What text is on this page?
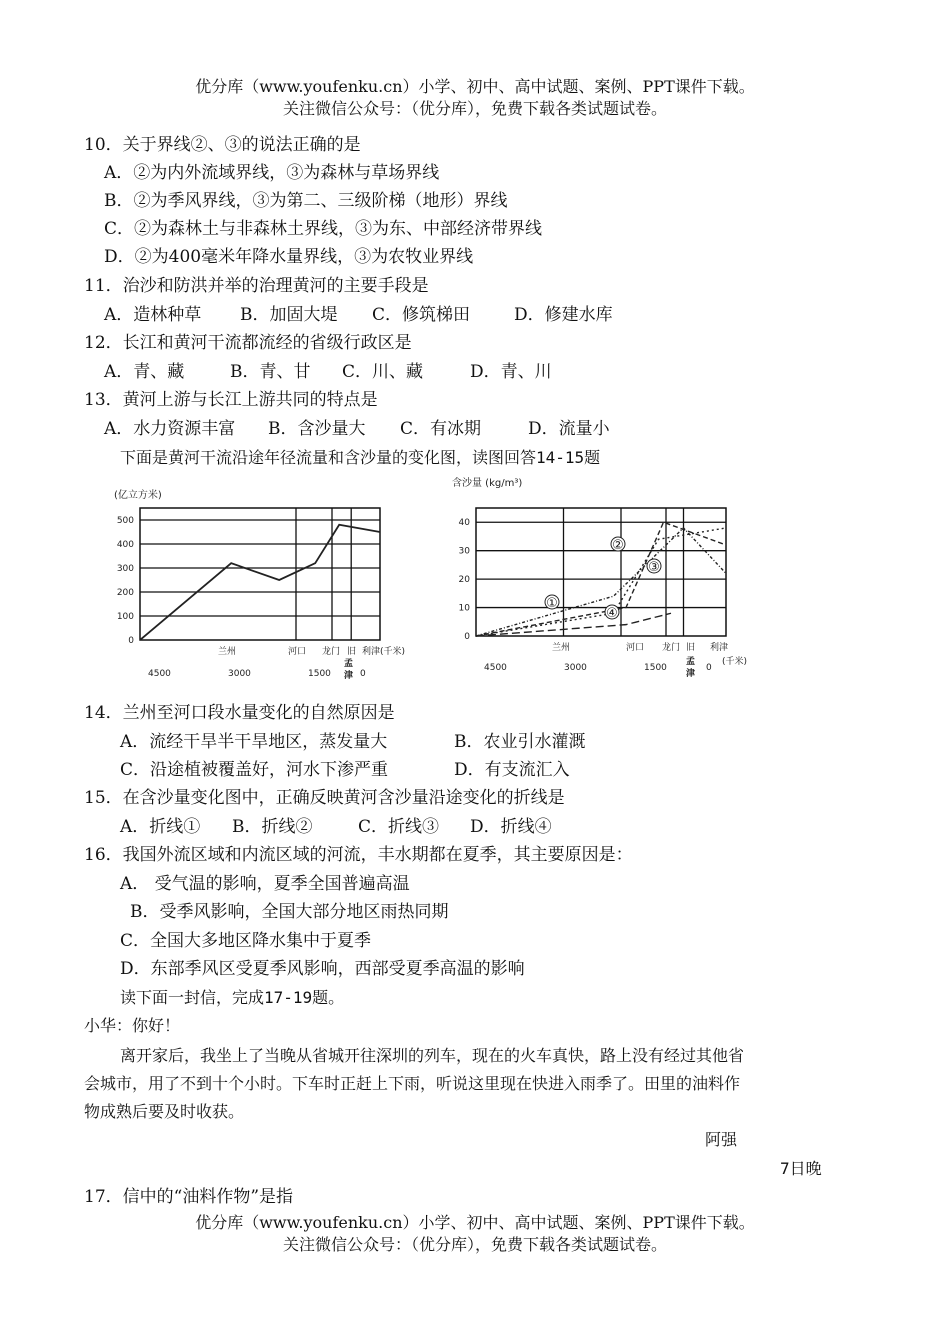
优分库（www.youfenku.cn）小学、初中、高中试题、案例、PPT课件下载。
关注微信公众号：（优分库），免费下载各类试题试卷。
10．关于界线②、③的说法正确的是
A．②为内外流域界线，③为森林与草场界线
B．②为季风界线，③为第二、三级阶梯（地形）界线
C．②为森林土与非森林土界线，③为东、中部经济带界线
D．②为400毫米年降水量界线，③为农牧业界线
11．治沙和防洪并举的治理黄河的主要手段是
A．造林种草 B．加固大堤 C．修筑梯田	D．修建水库
12．长江和黄河干流都流经的省级行政区是
A．青、藏	B．青、甘 C．川、藏	D．青、川
13．黄河上游与长江上游共同的特点是
A．水力资源丰富 B．含沙量大 C．有冰期	D．流量小
下面是黄河干流沿途年径流量和含沙量的变化图，读图回答14-15题
500
400
300
200
100
0
(亿立方米)
兰州	河口 龙门 旧
孟
津
利津(千米)
4500	3000	1500	0
40
30
20
10
0
含沙量 (kg/m³)
兰州	河口 龙门 旧
孟
津
利津
4500	3000	1500	0
(千米)
①
②
③
④
14．兰州至河口段水量变化的自然原因是
A．流经干旱半干旱地区，蒸发量大	B．农业引水灌溉
C．沿途植被覆盖好，河水下渗严重	D．有支流汇入
15．在含沙量变化图中，正确反映黄河含沙量沿途变化的折线是
A．折线① B．折线②	C．折线③ D．折线④
16．我国外流区域和内流区域的河流，丰水期都在夏季，其主要原因是：
A． 受气温的影响，夏季全国普遍高温
B．受季风影响，全国大部分地区雨热同期
C．全国大多地区降水集中于夏季
D．东部季风区受夏季风影响，西部受夏季高温的影响
读下面一封信，完成17-19题。
小华：你好！
离开家后，我坐上了当晚从省城开往深圳的列车，现在的火车真快，路上没有经过其他省
会城市，用了不到十个小时。下车时正赶上下雨，听说这里现在快进入雨季了。田里的油料作
物成熟后要及时收获。
阿强
7日晚
17．信中的“油料作物”是指
优分库（www.youfenku.cn）小学、初中、高中试题、案例、PPT课件下载。
关注微信公众号：（优分库），免费下载各类试题试卷。
